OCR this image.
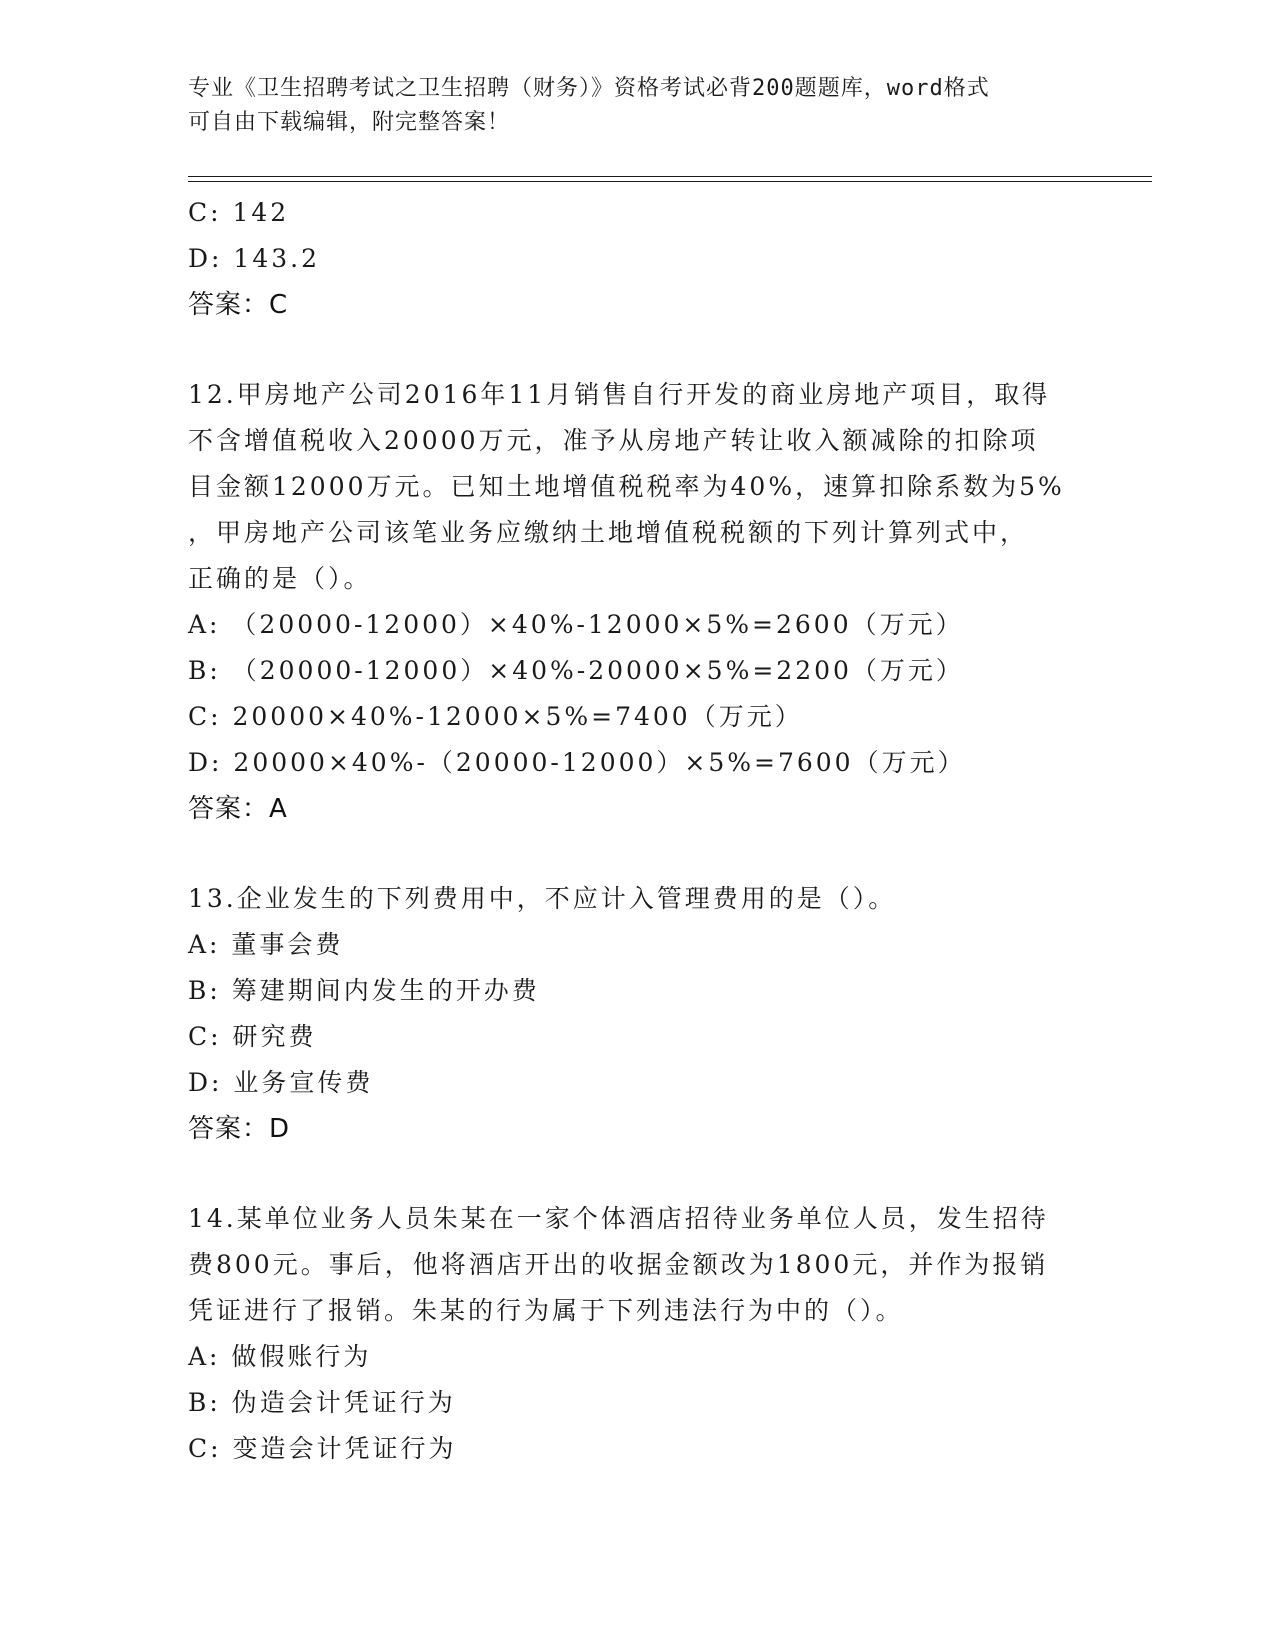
专业《卫生招聘考试之卫生招聘（财务）》资格考试必背200题题库，word格式
可自由下载编辑，附完整答案！
C: 142
D: 143.2
答案：C
12.甲房地产公司2016年11月销售自行开发的商业房地产项目，取得
不含增值税收入20000万元，准予从房地产转让收入额减除的扣除项
目金额12000万元。已知土地增值税税率为40%，速算扣除系数为5%
，甲房地产公司该笔业务应缴纳土地增值税税额的下列计算列式中，
正确的是（）。
A: （20000-12000）×40%-12000×5%=2600（万元）
B: （20000-12000）×40%-20000×5%=2200（万元）
C: 20000×40%-12000×5%=7400（万元）
D: 20000×40%-（20000-12000）×5%=7600（万元）
答案：A
13.企业发生的下列费用中，不应计入管理费用的是（）。
A: 董事会费
B: 筹建期间内发生的开办费
C: 研究费
D: 业务宣传费
答案：D
14.某单位业务人员朱某在一家个体酒店招待业务单位人员，发生招待
费800元。事后，他将酒店开出的收据金额改为1800元，并作为报销
凭证进行了报销。朱某的行为属于下列违法行为中的（）。
A: 做假账行为
B: 伪造会计凭证行为
C: 变造会计凭证行为
